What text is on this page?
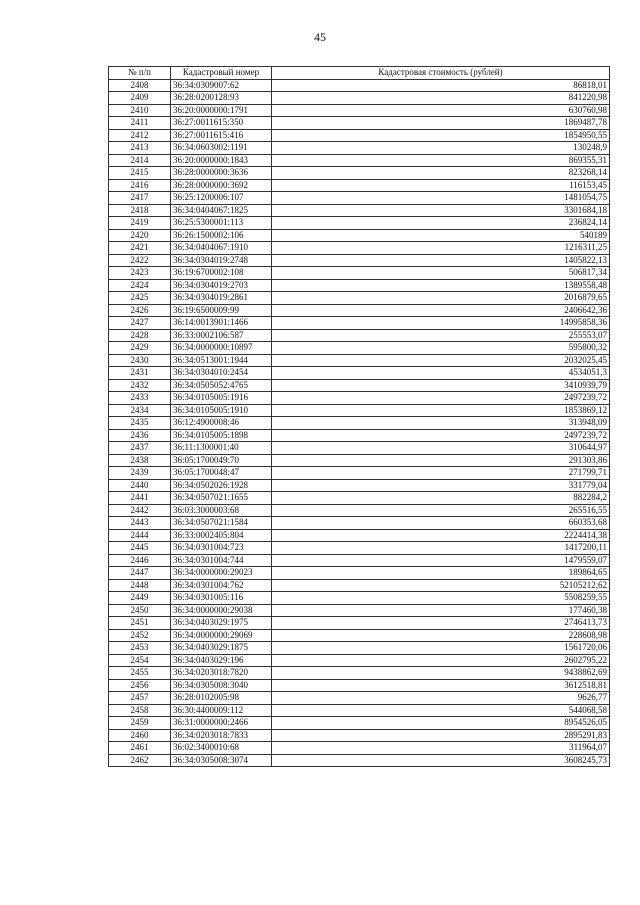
45
№ п/п	Кадастровый номер	Кадастровая стоимость (рублей)
2408	36:34:0309007:62	86818,01
2409	36:28:0200128:93	841220,98
2410	36:20:0000000:1791	630760,98
2411	36:27:0011615:350	1869487,78
2412	36:27:0011615:416	1854950,55
2413	36:34:0603002:1191	130248,9
2414	36:20:0000000:1843	869355,31
2415	36:28:0000000:3636	823268,14
2416	36:28:0000000:3692	116153,45
2417	36:25:1200006:107	1481054,75
2418	36:34:0404067:1825	3301684,18
2419	36:25:5300001:113	236824,14
2420	36:26:1500002:106	540189
2421	36:34:0404067:1910	1216311,25
2422	36:34:0304019:2748	1405822,13
2423	36:19:6700002:108	506817,34
2424	36:34:0304019:2703	1389558,48
2425	36:34:0304019:2861	2016879,65
2426	36:19:6500009:99	2406642,36
2427	36:14:0013901:1466	14995858,36
2428	36:33:0002106:587	255553,07
2429	36:34:0000000:10897	595800,32
2430	36:34:0513001:1944	2032025,45
2431	36:34:0304010:2454	4534051,3
2432	36:34:0505052:4765	3410939,79
2433	36:34:0105005:1916	2497239,72
2434	36:34:0105005:1910	1853869,12
2435	36:12:4900008:46	313948,09
2436	36:34:0105005:1898	2497239,72
2437	36:11:1300001:40	310644,97
2438	36:05:1700049:70	291303,86
2439	36:05:1700048:47	271799,71
2440	36:34:0502026:1928	331779,04
2441	36:34:0507021:1655	882284,2
2442	36:03:3000003:68	265516,55
2443	36:34:0507021:1584	660353,68
2444	36:33:0002405:804	2224414,38
2445	36:34:0301004:723	1417200,11
2446	36:34:0301004:744	1479559,07
2447	36:34:0000000:29023	189864,65
2448	36:34:0301004:762	52105212,62
2449	36:34:0301005:116	5508259,55
2450	36:34:0000000:29038	177460,38
2451	36:34:0403029:1975	2746413,73
2452	36:34:0000000:29069	228608,98
2453	36:34:0403029:1875	1561720,06
2454	36:34:0403029:196	2602795,22
2455	36:34:0203018:7820	9438862,69
2456	36:34:0305008:3040	3612518,81
2457	36:28:0102005:98	9626,77
2458	36:30:4400009:112	544068,58
2459	36:31:0000000:2466	8954526,05
2460	36:34:0203018:7833	2895291,83
2461	36:02:3400010:68	311964,07
2462	36:34:0305008:3074	3608245,73
